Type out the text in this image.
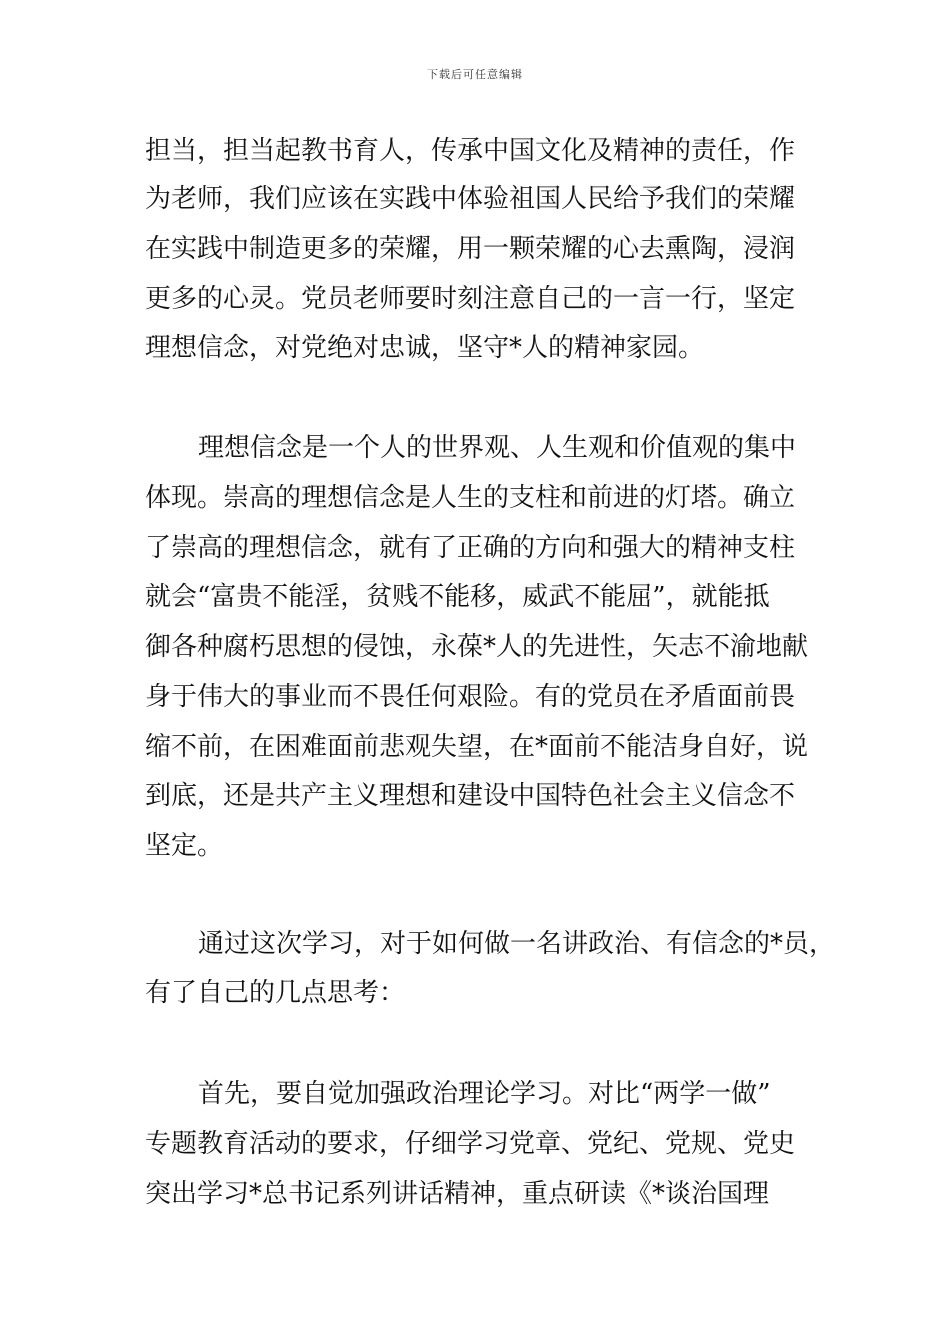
下载后可任意编辑
担当，担当起教书育人，传承中国文化及精神的责任，作
为老师，我们应该在实践中体验祖国人民给予我们的荣耀
在实践中制造更多的荣耀，用一颗荣耀的心去熏陶，浸润
更多的心灵。党员老师要时刻注意自己的一言一行，坚定
理想信念，对党绝对忠诚，坚守*人的精神家园。
理想信念是一个人的世界观、人生观和价值观的集中
体现。崇高的理想信念是人生的支柱和前进的灯塔。确立
了崇高的理想信念，就有了正确的方向和强大的精神支柱
就会“富贵不能淫，贫贱不能移，威武不能屈”，就能抵
御各种腐朽思想的侵蚀，永葆*人的先进性，矢志不渝地献
身于伟大的事业而不畏任何艰险。有的党员在矛盾面前畏
缩不前，在困难面前悲观失望，在*面前不能洁身自好，说
到底，还是共产主义理想和建设中国特色社会主义信念不
坚定。
通过这次学习，对于如何做一名讲政治、有信念的*员，
有了自己的几点思考：
首先，要自觉加强政治理论学习。对比“两学一做”
专题教育活动的要求，仔细学习党章、党纪、党规、党史
突出学习*总书记系列讲话精神，重点研读《*谈治国理
